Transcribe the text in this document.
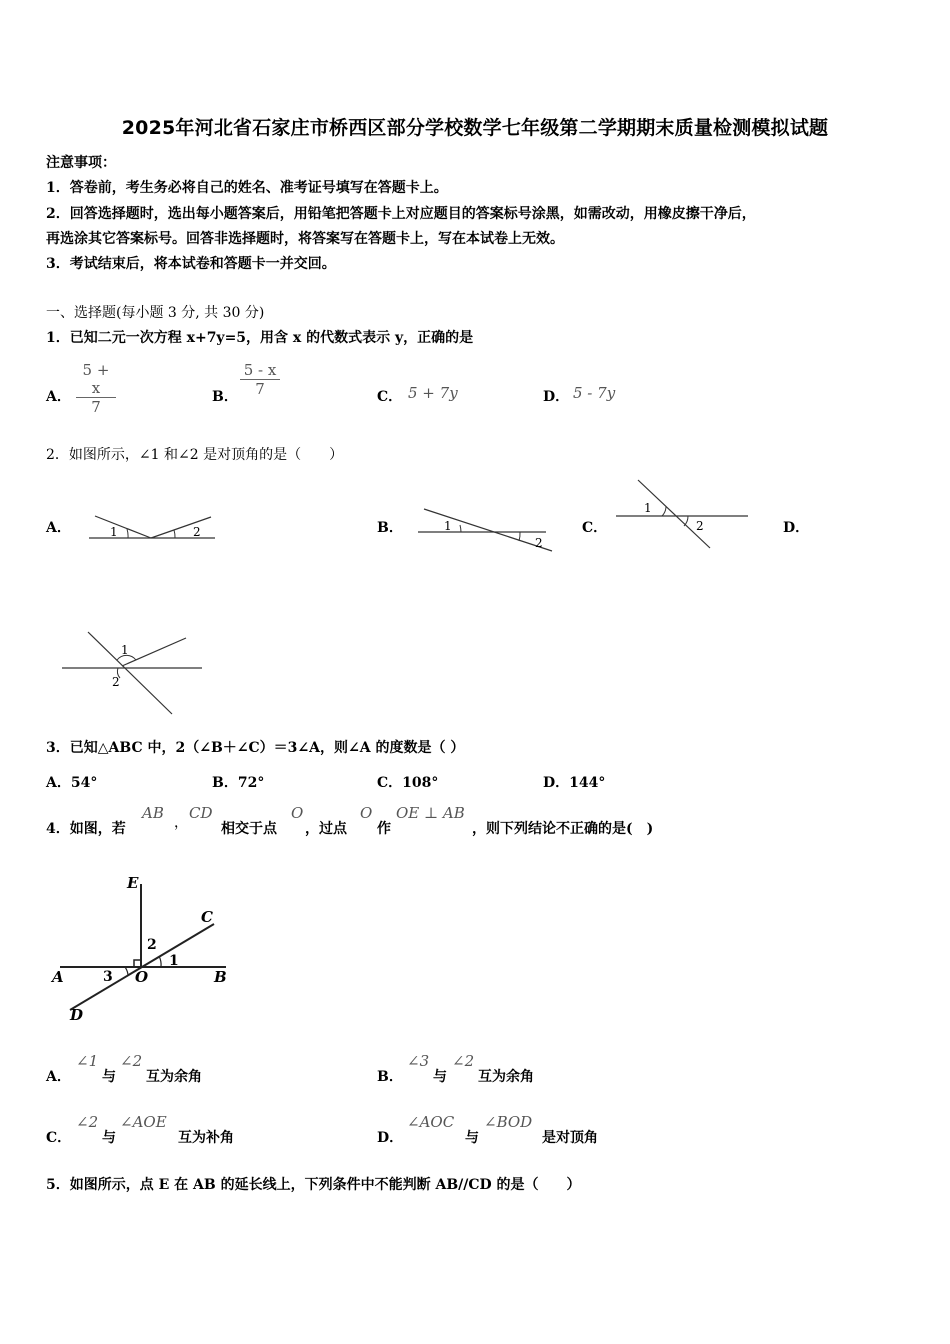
2025年河北省石家庄市桥西区部分学校数学七年级第二学期期末质量检测模拟试题
注意事项：
1．答卷前，考生务必将自己的姓名、准考证号填写在答题卡上。
2．回答选择题时，选出每小题答案后，用铅笔把答题卡上对应题目的答案标号涂黑，如需改动，用橡皮擦干净后，
再选涂其它答案标号。回答非选择题时，将答案写在答题卡上，写在本试卷上无效。
3．考试结束后，将本试卷和答题卡一并交回。
一、选择题(每小题 3 分, 共 30 分)
1．已知二元一次方程 x+7y=5，用含 x 的代数式表示 y，正确的是
A． $\frac{5 + x}{7}$	B． $\frac{5 - x}{7}$	C． 5 + 7y	D． 5 - 7y
2．如图所示，∠1 和∠2 是对顶角的是（　　）
A．	B．	C．	D．
1	2	1
2
1
2
1
2
3．已知△ABC 中，2（∠B＋∠C）＝3∠A，则∠A 的度数是（ ）
A．54°	B．72°	C．108°	D．144°
4．如图，若
AB
，
CD
相交于点
O
，过点
O
作
OE ⊥ AB
，则下列结论不正确的是(　)
E
C
A	O	B
D
1
2
3
A．
∠1
与
∠2
互为余角	B．
∠3
与
∠2
互为余角
C．
∠2
与
∠AOE
互为补角	D．
∠AOC
与
∠BOD
是对顶角
5．如图所示，点 E 在 AB 的延长线上，下列条件中不能判断 AB//CD 的是（　　）
